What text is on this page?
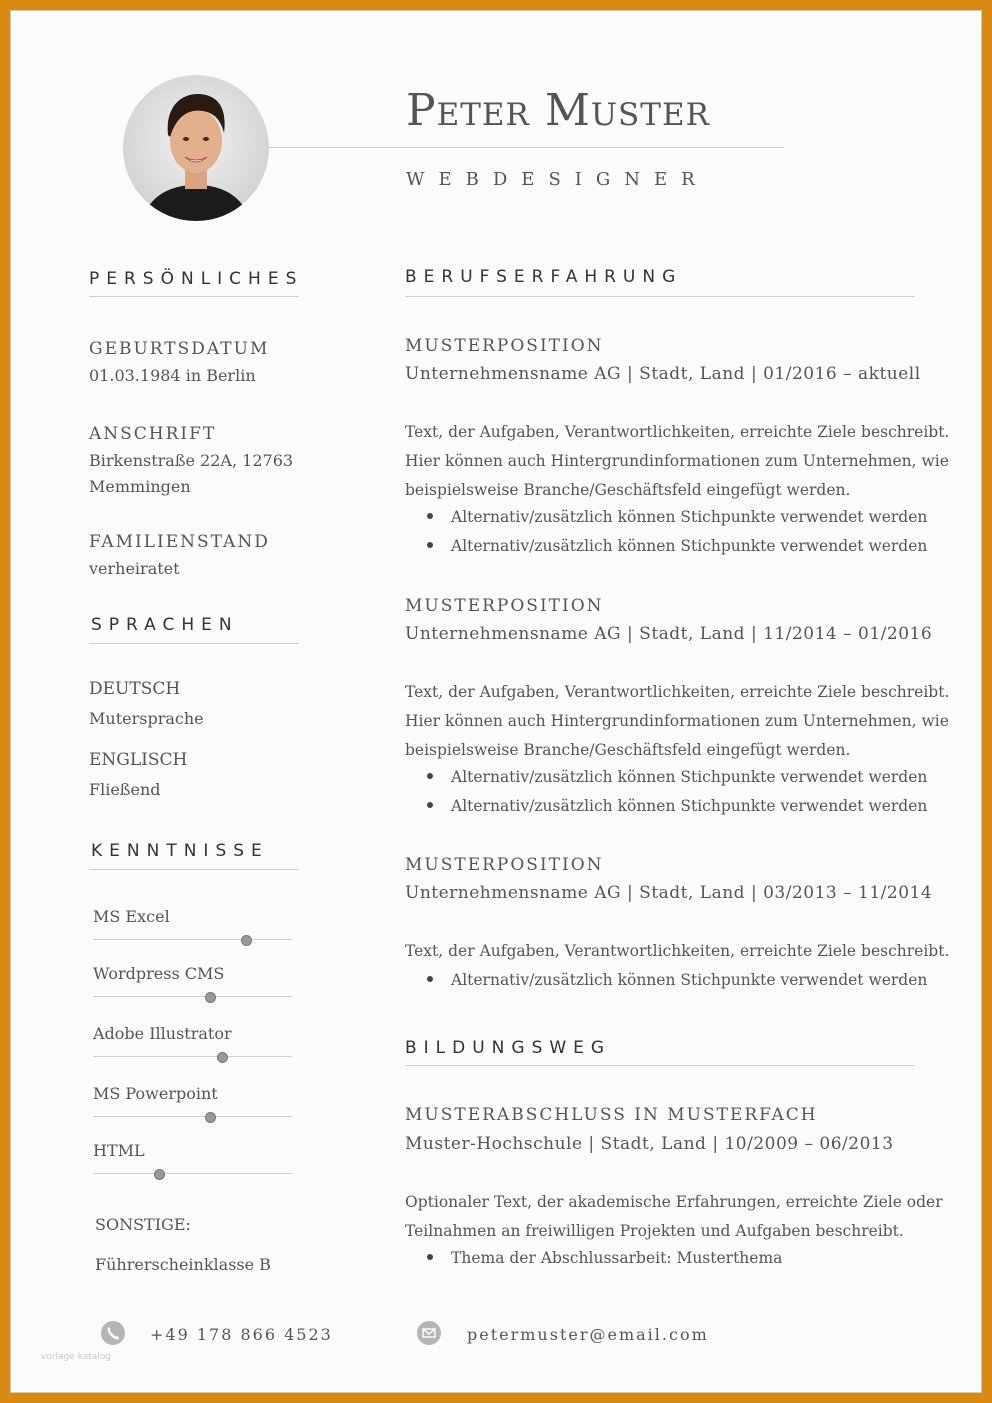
Peter Muster
WEBDESIGNER
PERSÖNLICHES
GEBURTSDATUM
01.03.1984 in Berlin
ANSCHRIFT
Birkenstraße 22A, 12763
Memmingen
FAMILIENSTAND
verheiratet
SPRACHEN
DEUTSCH
Mutersprache
ENGLISCH
Fließend
KENNTNISSE
SONSTIGE:
Führerscheinklasse B
BERUFSERFAHRUNG
MUSTERPOSITION
Unternehmensname AG | Stadt, Land | 01/2016 – aktuell
Text, der Aufgaben, Verantwortlichkeiten, erreichte Ziele beschreibt.
Hier können auch Hintergrundinformationen zum Unternehmen, wie
beispielsweise Branche/Geschäftsfeld eingefügt werden.
Alternativ/zusätzlich können Stichpunkte verwendet werden
Alternativ/zusätzlich können Stichpunkte verwendet werden
MUSTERPOSITION
Unternehmensname AG | Stadt, Land | 11/2014 – 01/2016
Text, der Aufgaben, Verantwortlichkeiten, erreichte Ziele beschreibt.
Hier können auch Hintergrundinformationen zum Unternehmen, wie
beispielsweise Branche/Geschäftsfeld eingefügt werden.
Alternativ/zusätzlich können Stichpunkte verwendet werden
Alternativ/zusätzlich können Stichpunkte verwendet werden
MUSTERPOSITION
Unternehmensname AG | Stadt, Land | 03/2013 – 11/2014
Text, der Aufgaben, Verantwortlichkeiten, erreichte Ziele beschreibt.
Alternativ/zusätzlich können Stichpunkte verwendet werden
BILDUNGSWEG
MUSTERABSCHLUSS IN MUSTERFACH
Muster-Hochschule | Stadt, Land | 10/2009 – 06/2013
Optionaler Text, der akademische Erfahrungen, erreichte Ziele oder
Teilnahmen an freiwilligen Projekten und Aufgaben beschreibt.
Thema der Abschlussarbeit: Musterthema
+49 178 866 4523	petermuster@email.com
vorlage katalog
MS Excel
Wordpress CMS
Adobe Illustrator
MS Powerpoint
HTML
